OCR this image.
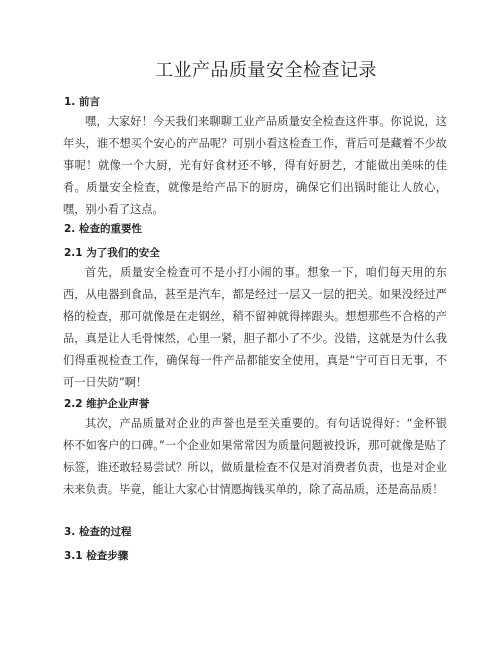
工业产品质量安全检查记录
1. 前言
嘿，大家好！今天我们来聊聊工业产品质量安全检查这件事。你说说，这年头，谁不想买个安心的产品呢？可别小看这检查工作，背后可是藏着不少故事呢！就像一个大厨，光有好食材还不够，得有好厨艺，才能做出美味的佳肴。质量安全检查，就像是给产品下的厨房，确保它们出锅时能让人放心，嘿，别小看了这点。
2. 检查的重要性
2.1 为了我们的安全
首先，质量安全检查可不是小打小闹的事。想象一下，咱们每天用的东西，从电器到食品，甚至是汽车，都是经过一层又一层的把关。如果没经过严格的检查，那可就像是在走钢丝，稍不留神就得摔跟头。想想那些不合格的产品，真是让人毛骨悚然，心里一紧，胆子都小了不少。没错，这就是为什么我们得重视检查工作，确保每一件产品都能安全使用，真是“宁可百日无事，不可一日失防”啊！
2.2 维护企业声誉
其次，产品质量对企业的声誉也是至关重要的。有句话说得好：“金杯银杯不如客户的口碑。”一个企业如果常常因为质量问题被投诉，那可就像是贴了标签，谁还敢轻易尝试？所以，做质量检查不仅是对消费者负责，也是对企业未来负责。毕竟，能让大家心甘情愿掏钱买单的，除了高品质，还是高品质！
3. 检查的过程
3.1 检查步骤
